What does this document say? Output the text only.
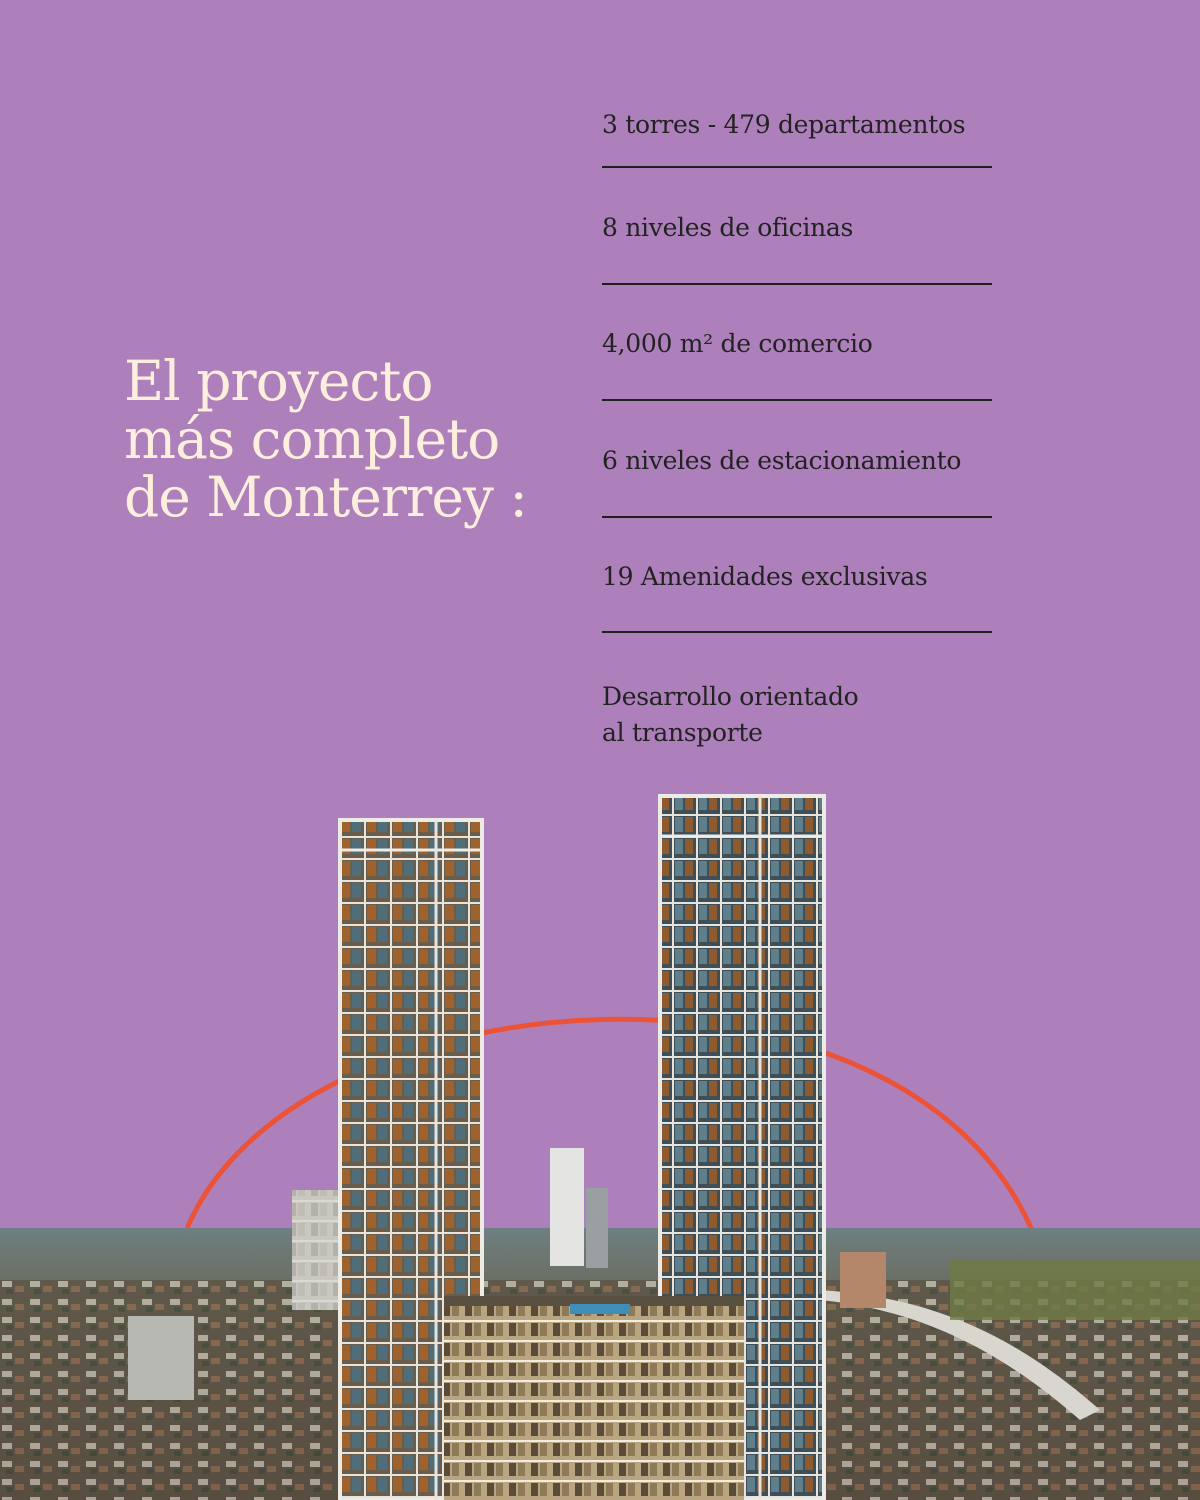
El proyecto
más completo
de Monterrey :
3 torres - 479 departamentos
8 niveles de oficinas
4,000 m² de comercio
6 niveles de estacionamiento
19 Amenidades exclusivas
Desarrollo orientado
al transporte
